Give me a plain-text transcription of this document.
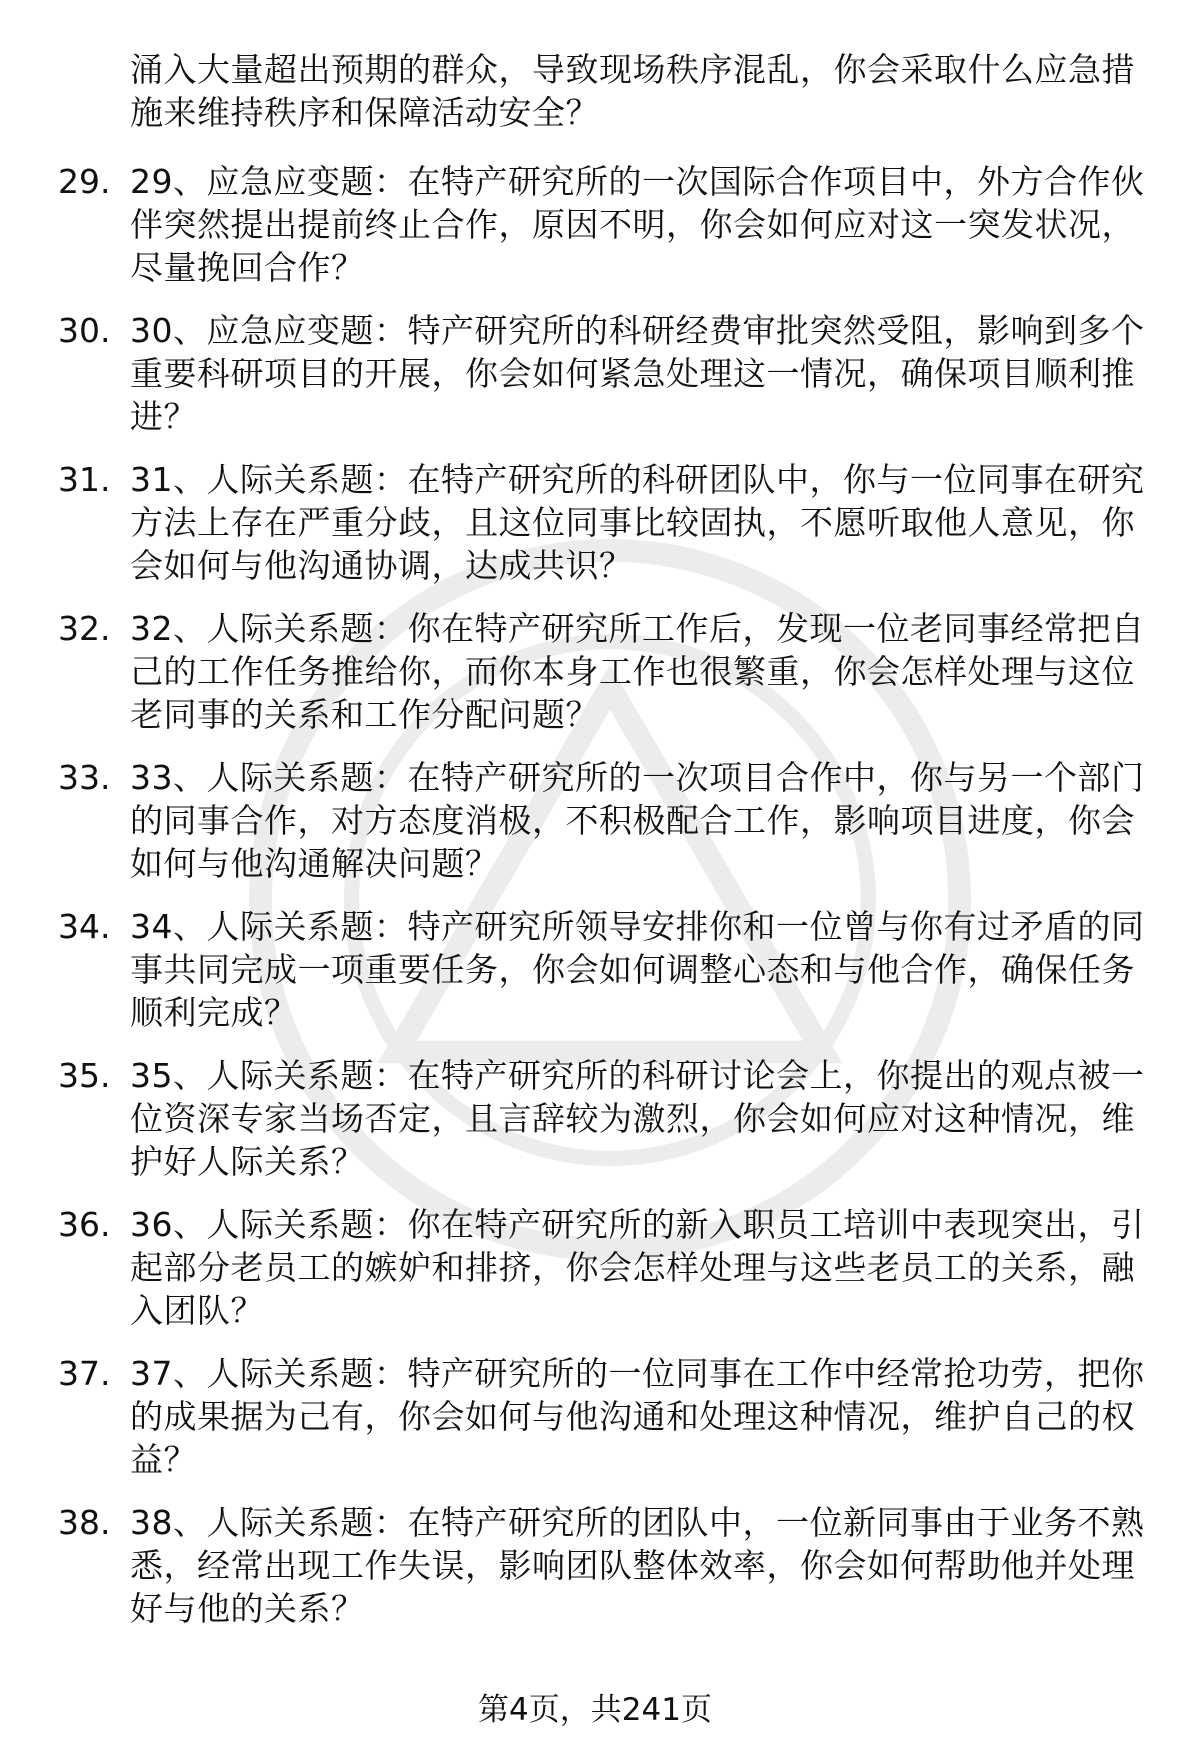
涌入大量超出预期的群众，导致现场秩序混乱，你会采取什么应急措施来维持秩序和保障活动安全？
29. 29、应急应变题：在特产研究所的一次国际合作项目中，外方合作伙伴突然提出提前终止合作，原因不明，你会如何应对这一突发状况，尽量挽回合作？
30. 30、应急应变题：特产研究所的科研经费审批突然受阻，影响到多个重要科研项目的开展，你会如何紧急处理这一情况，确保项目顺利推进？
31. 31、人际关系题：在特产研究所的科研团队中，你与一位同事在研究方法上存在严重分歧，且这位同事比较固执，不愿听取他人意见，你会如何与他沟通协调，达成共识？
32. 32、人际关系题：你在特产研究所工作后，发现一位老同事经常把自己的工作任务推给你，而你本身工作也很繁重，你会怎样处理与这位老同事的关系和工作分配问题？
33. 33、人际关系题：在特产研究所的一次项目合作中，你与另一个部门的同事合作，对方态度消极，不积极配合工作，影响项目进度，你会如何与他沟通解决问题？
34. 34、人际关系题：特产研究所领导安排你和一位曾与你有过矛盾的同事共同完成一项重要任务，你会如何调整心态和与他合作，确保任务顺利完成？
35. 35、人际关系题：在特产研究所的科研讨论会上，你提出的观点被一位资深专家当场否定，且言辞较为激烈，你会如何应对这种情况，维护好人际关系？
36. 36、人际关系题：你在特产研究所的新入职员工培训中表现突出，引起部分老员工的嫉妒和排挤，你会怎样处理与这些老员工的关系，融入团队？
37. 37、人际关系题：特产研究所的一位同事在工作中经常抢功劳，把你的成果据为己有，你会如何与他沟通和处理这种情况，维护自己的权益？
38. 38、人际关系题：在特产研究所的团队中，一位新同事由于业务不熟悉，经常出现工作失误，影响团队整体效率，你会如何帮助他并处理好与他的关系？
第4页，共241页
